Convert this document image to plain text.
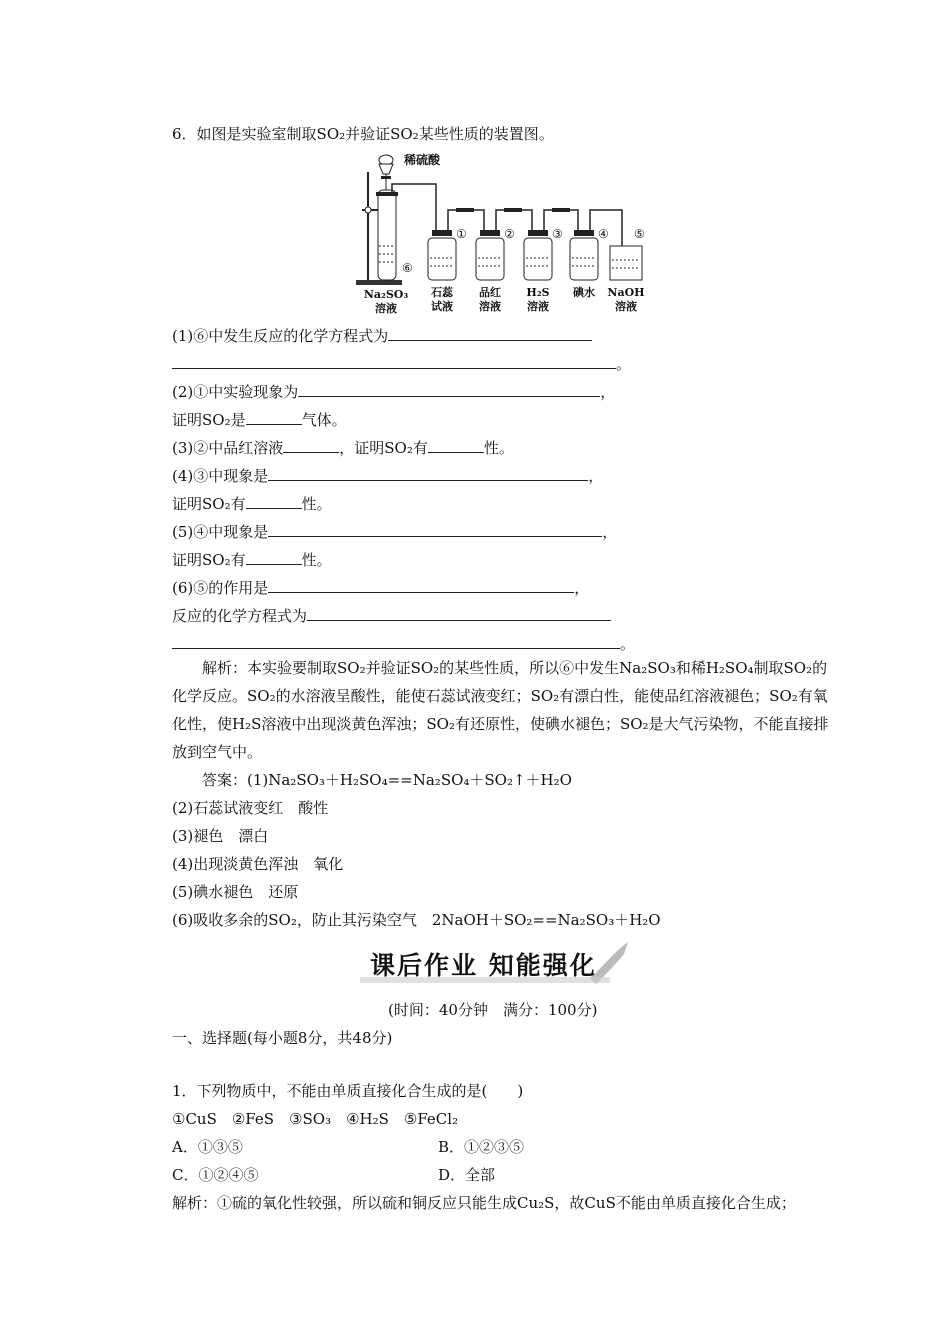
6．如图是实验室制取SO₂并验证SO₂某些性质的装置图。
稀硫酸
⑥
①	②	③	④ ⑤
Na₂SO₃
溶液
石蕊
试液
品红
溶液
H₂S
溶液
碘水 NaOH
溶液
(1)⑥中发生反应的化学方程式为
。
(2)①中实验现象为	，
证明SO₂是	气体。
(3)②中品红溶液	，证明SO₂有	性。
(4)③中现象是	，
证明SO₂有	性。
(5)④中现象是	，
证明SO₂有	性。
(6)⑤的作用是	，
反应的化学方程式为
。
解析：本实验要制取SO₂并验证SO₂的某些性质，所以⑥中发生Na₂SO₃和稀H₂SO₄制取SO₂的化学反应。SO₂的水溶液呈酸性，能使石蕊试液变红；SO₂有漂白性，能使品红溶液褪色；SO₂有氧化性，使H₂S溶液中出现淡黄色浑浊；SO₂有还原性，使碘水褪色；SO₂是大气污染物，不能直接排放到空气中。
答案：(1)Na₂SO₃＋H₂SO₄==Na₂SO₄＋SO₂↑＋H₂O
(2)石蕊试液变红　酸性
(3)褪色　漂白
(4)出现淡黄色浑浊　氧化
(5)碘水褪色　还原
(6)吸收多余的SO₂，防止其污染空气　2NaOH＋SO₂==Na₂SO₃＋H₂O
课后作业 知能强化
(时间：40分钟　满分：100分)
一、选择题(每小题8分，共48分)
1．下列物质中，不能由单质直接化合生成的是(　　)
①CuS　②FeS　③SO₃　④H₂S　⑤FeCl₂
A．①③⑤	B．①②③⑤
C．①②④⑤	D．全部
解析：①硫的氧化性较强，所以硫和铜反应只能生成Cu₂S，故CuS不能由单质直接化合生成；
